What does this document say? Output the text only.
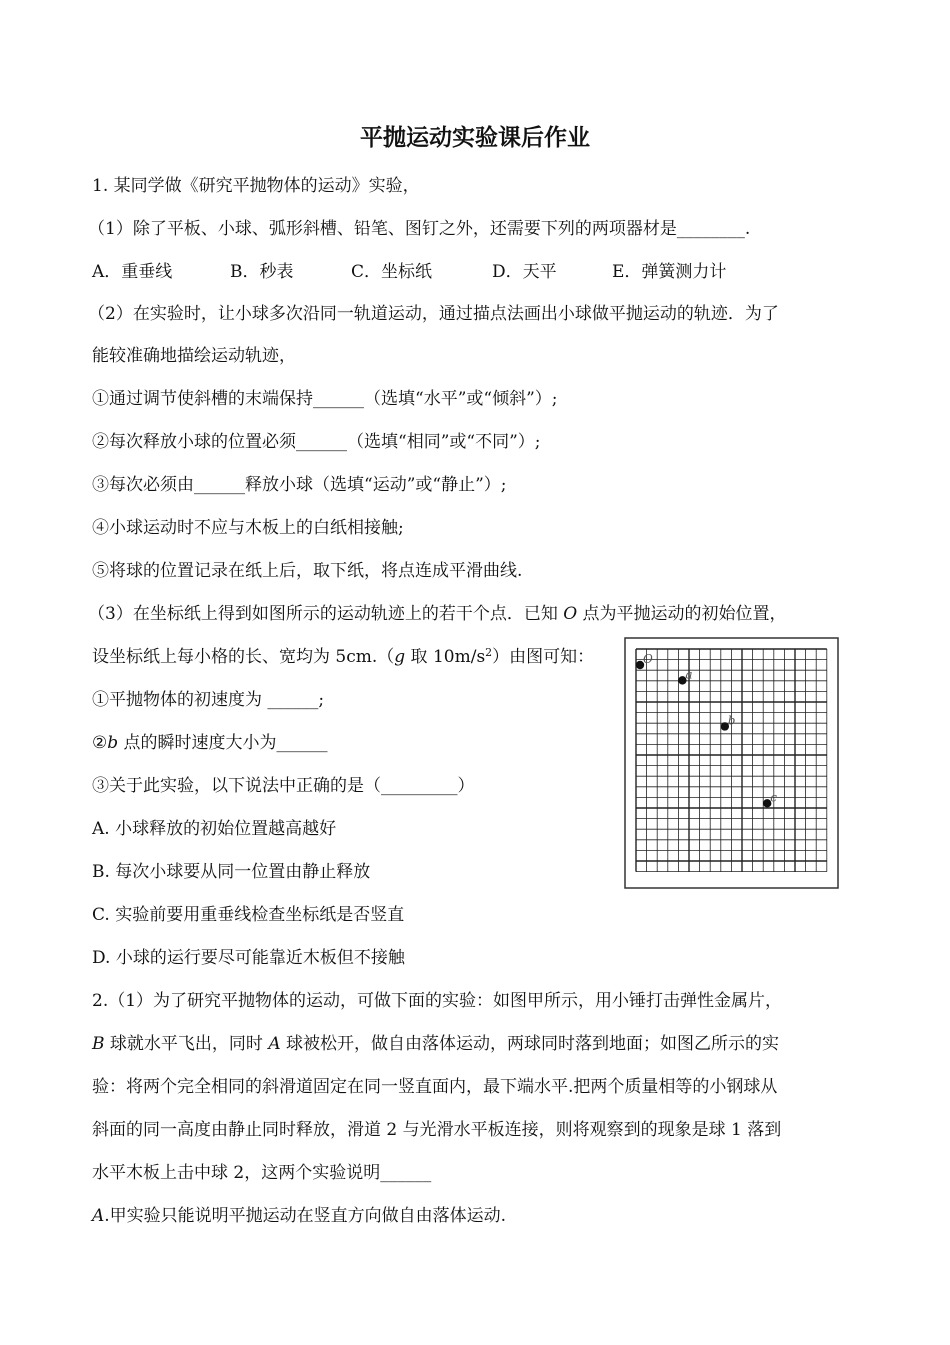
平抛运动实验课后作业
1. 某同学做《研究平抛物体的运动》实验，
（1）除了平板、小球、弧形斜槽、铅笔、图钉之外，还需要下列的两项器材是________.
A．重垂线	B．秒表	C．坐标纸	D．天平	E．弹簧测力计
（2）在实验时，让小球多次沿同一轨道运动，通过描点法画出小球做平抛运动的轨迹．为了
能较准确地描绘运动轨迹，
①通过调节使斜槽的末端保持______（选填“水平”或“倾斜”）;
②每次释放小球的位置必须______（选填“相同”或“不同”）;
③每次必须由______释放小球（选填“运动”或“静止”）;
④小球运动时不应与木板上的白纸相接触;
⑤将球的位置记录在纸上后，取下纸，将点连成平滑曲线.
（3）在坐标纸上得到如图所示的运动轨迹上的若干个点．已知 O 点为平抛运动的初始位置，
设坐标纸上每小格的长、宽均为 5cm.（g 取 $10m/s^2$）由图可知：
①平抛物体的初速度为 ______;
②b 点的瞬时速度大小为______
③关于此实验，以下说法中正确的是（_________）
A. 小球释放的初始位置越高越好
B. 每次小球要从同一位置由静止释放
C. 实验前要用重垂线检查坐标纸是否竖直
D. 小球的运行要尽可能靠近木板但不接触
O
a
b
c
2.（1）为了研究平抛物体的运动，可做下面的实验：如图甲所示，用小锤打击弹性金属片，
B 球就水平飞出，同时 A 球被松开，做自由落体运动，两球同时落到地面；如图乙所示的实
验：将两个完全相同的斜滑道固定在同一竖直面内，最下端水平.把两个质量相等的小钢球从
斜面的同一高度由静止同时释放，滑道 2 与光滑水平板连接，则将观察到的现象是球 1 落到
水平木板上击中球 2，这两个实验说明______
A.甲实验只能说明平抛运动在竖直方向做自由落体运动.
